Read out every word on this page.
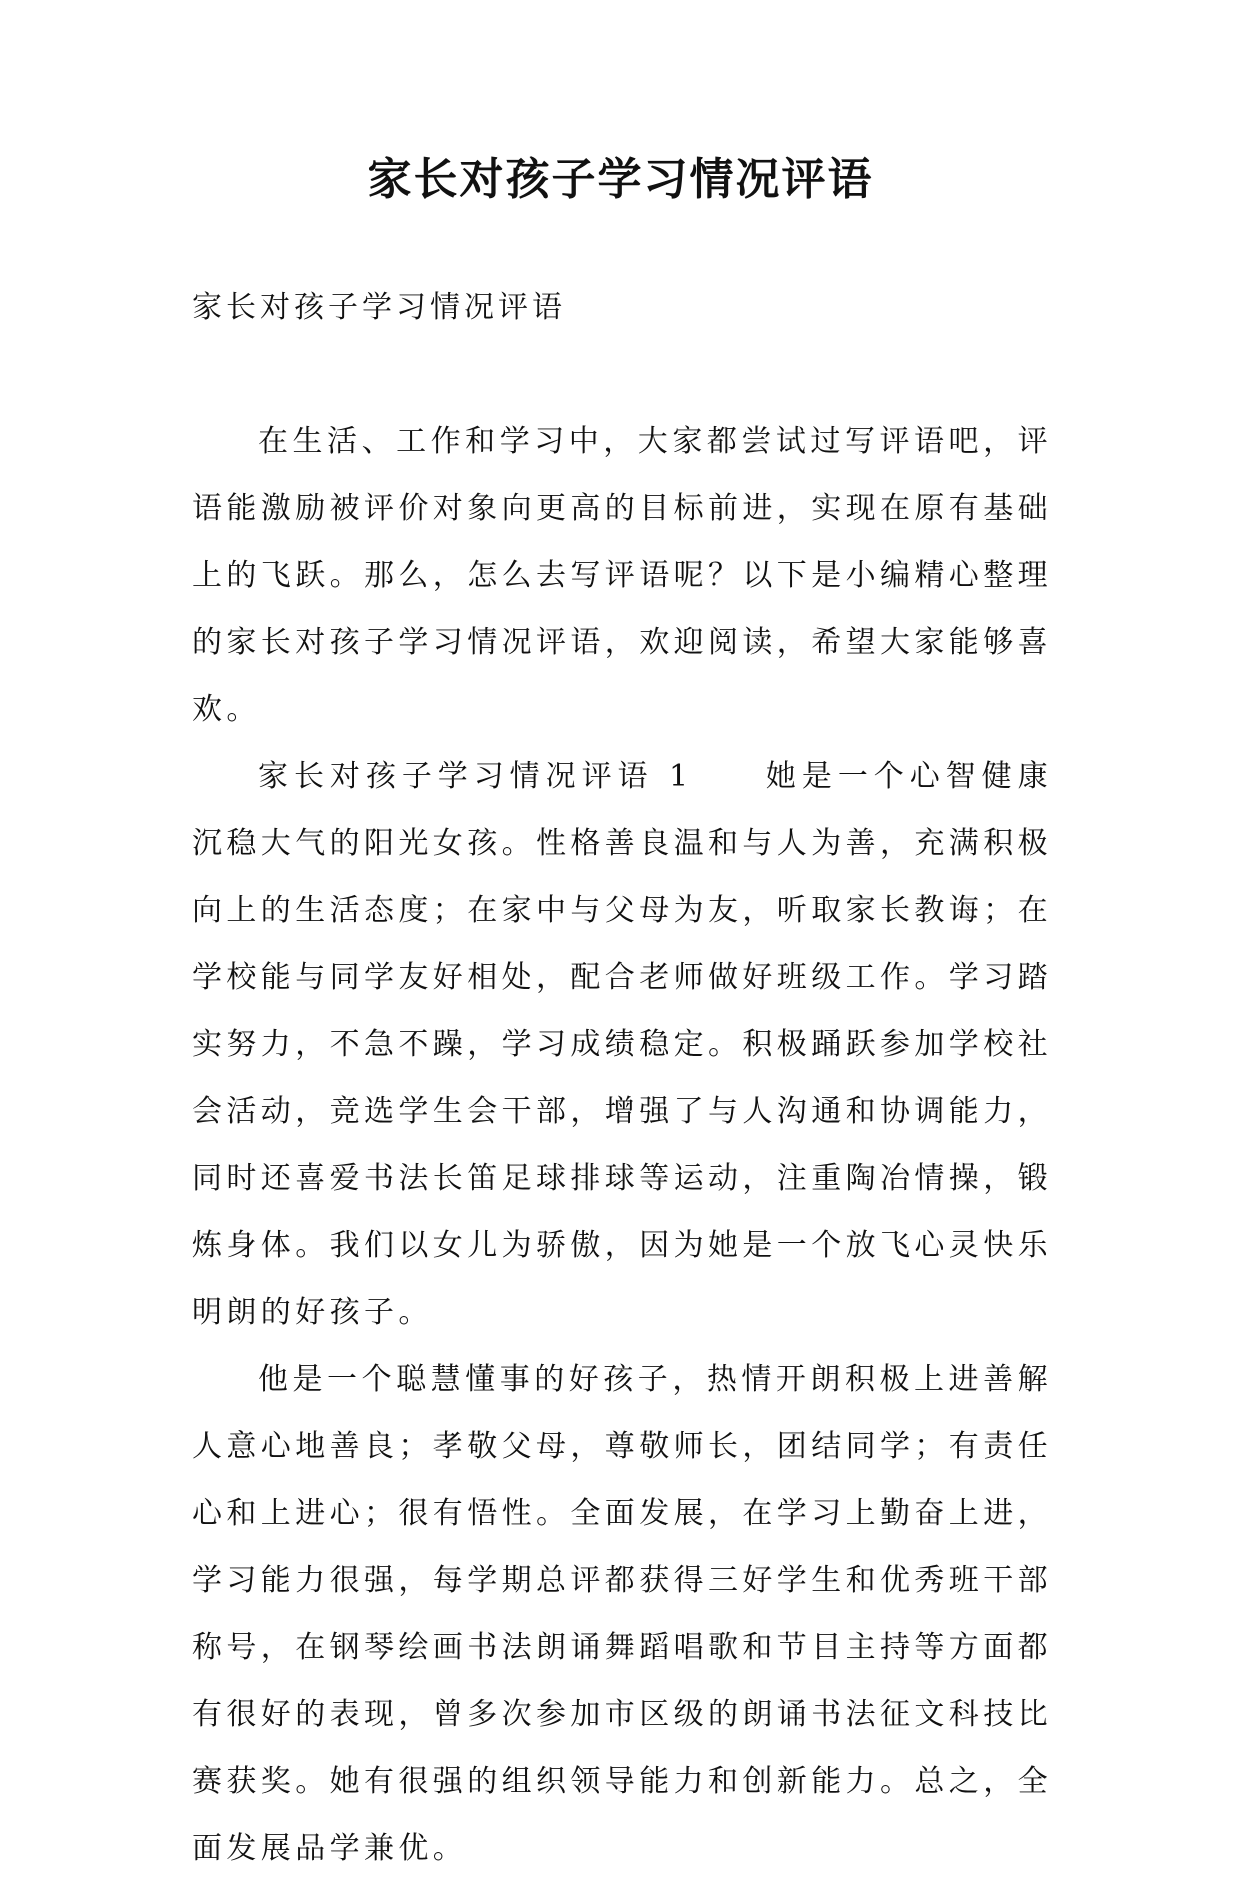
家长对孩子学习情况评语

家长对孩子学习情况评语

在生活、工作和学习中，大家都尝试过写评语吧，评语能激励被评价对象向更高的目标前进，实现在原有基础上的飞跃。那么，怎么去写评语呢？以下是小编精心整理的家长对孩子学习情况评语，欢迎阅读，希望大家能够喜欢。

家长对孩子学习情况评语 1　　她是一个心智健康沉稳大气的阳光女孩。性格善良温和与人为善，充满积极向上的生活态度；在家中与父母为友，听取家长教诲；在学校能与同学友好相处，配合老师做好班级工作。学习踏实努力，不急不躁，学习成绩稳定。积极踊跃参加学校社会活动，竞选学生会干部，增强了与人沟通和协调能力，同时还喜爱书法长笛足球排球等运动，注重陶冶情操，锻炼身体。我们以女儿为骄傲，因为她是一个放飞心灵快乐明朗的好孩子。

他是一个聪慧懂事的好孩子，热情开朗积极上进善解人意心地善良；孝敬父母，尊敬师长，团结同学；有责任心和上进心；很有悟性。全面发展，在学习上勤奋上进，学习能力很强，每学期总评都获得三好学生和优秀班干部称号，在钢琴绘画书法朗诵舞蹈唱歌和节目主持等方面都有很好的表现，曾多次参加市区级的朗诵书法征文科技比赛获奖。她有很强的组织领导能力和创新能力。总之，全面发展品学兼优。
